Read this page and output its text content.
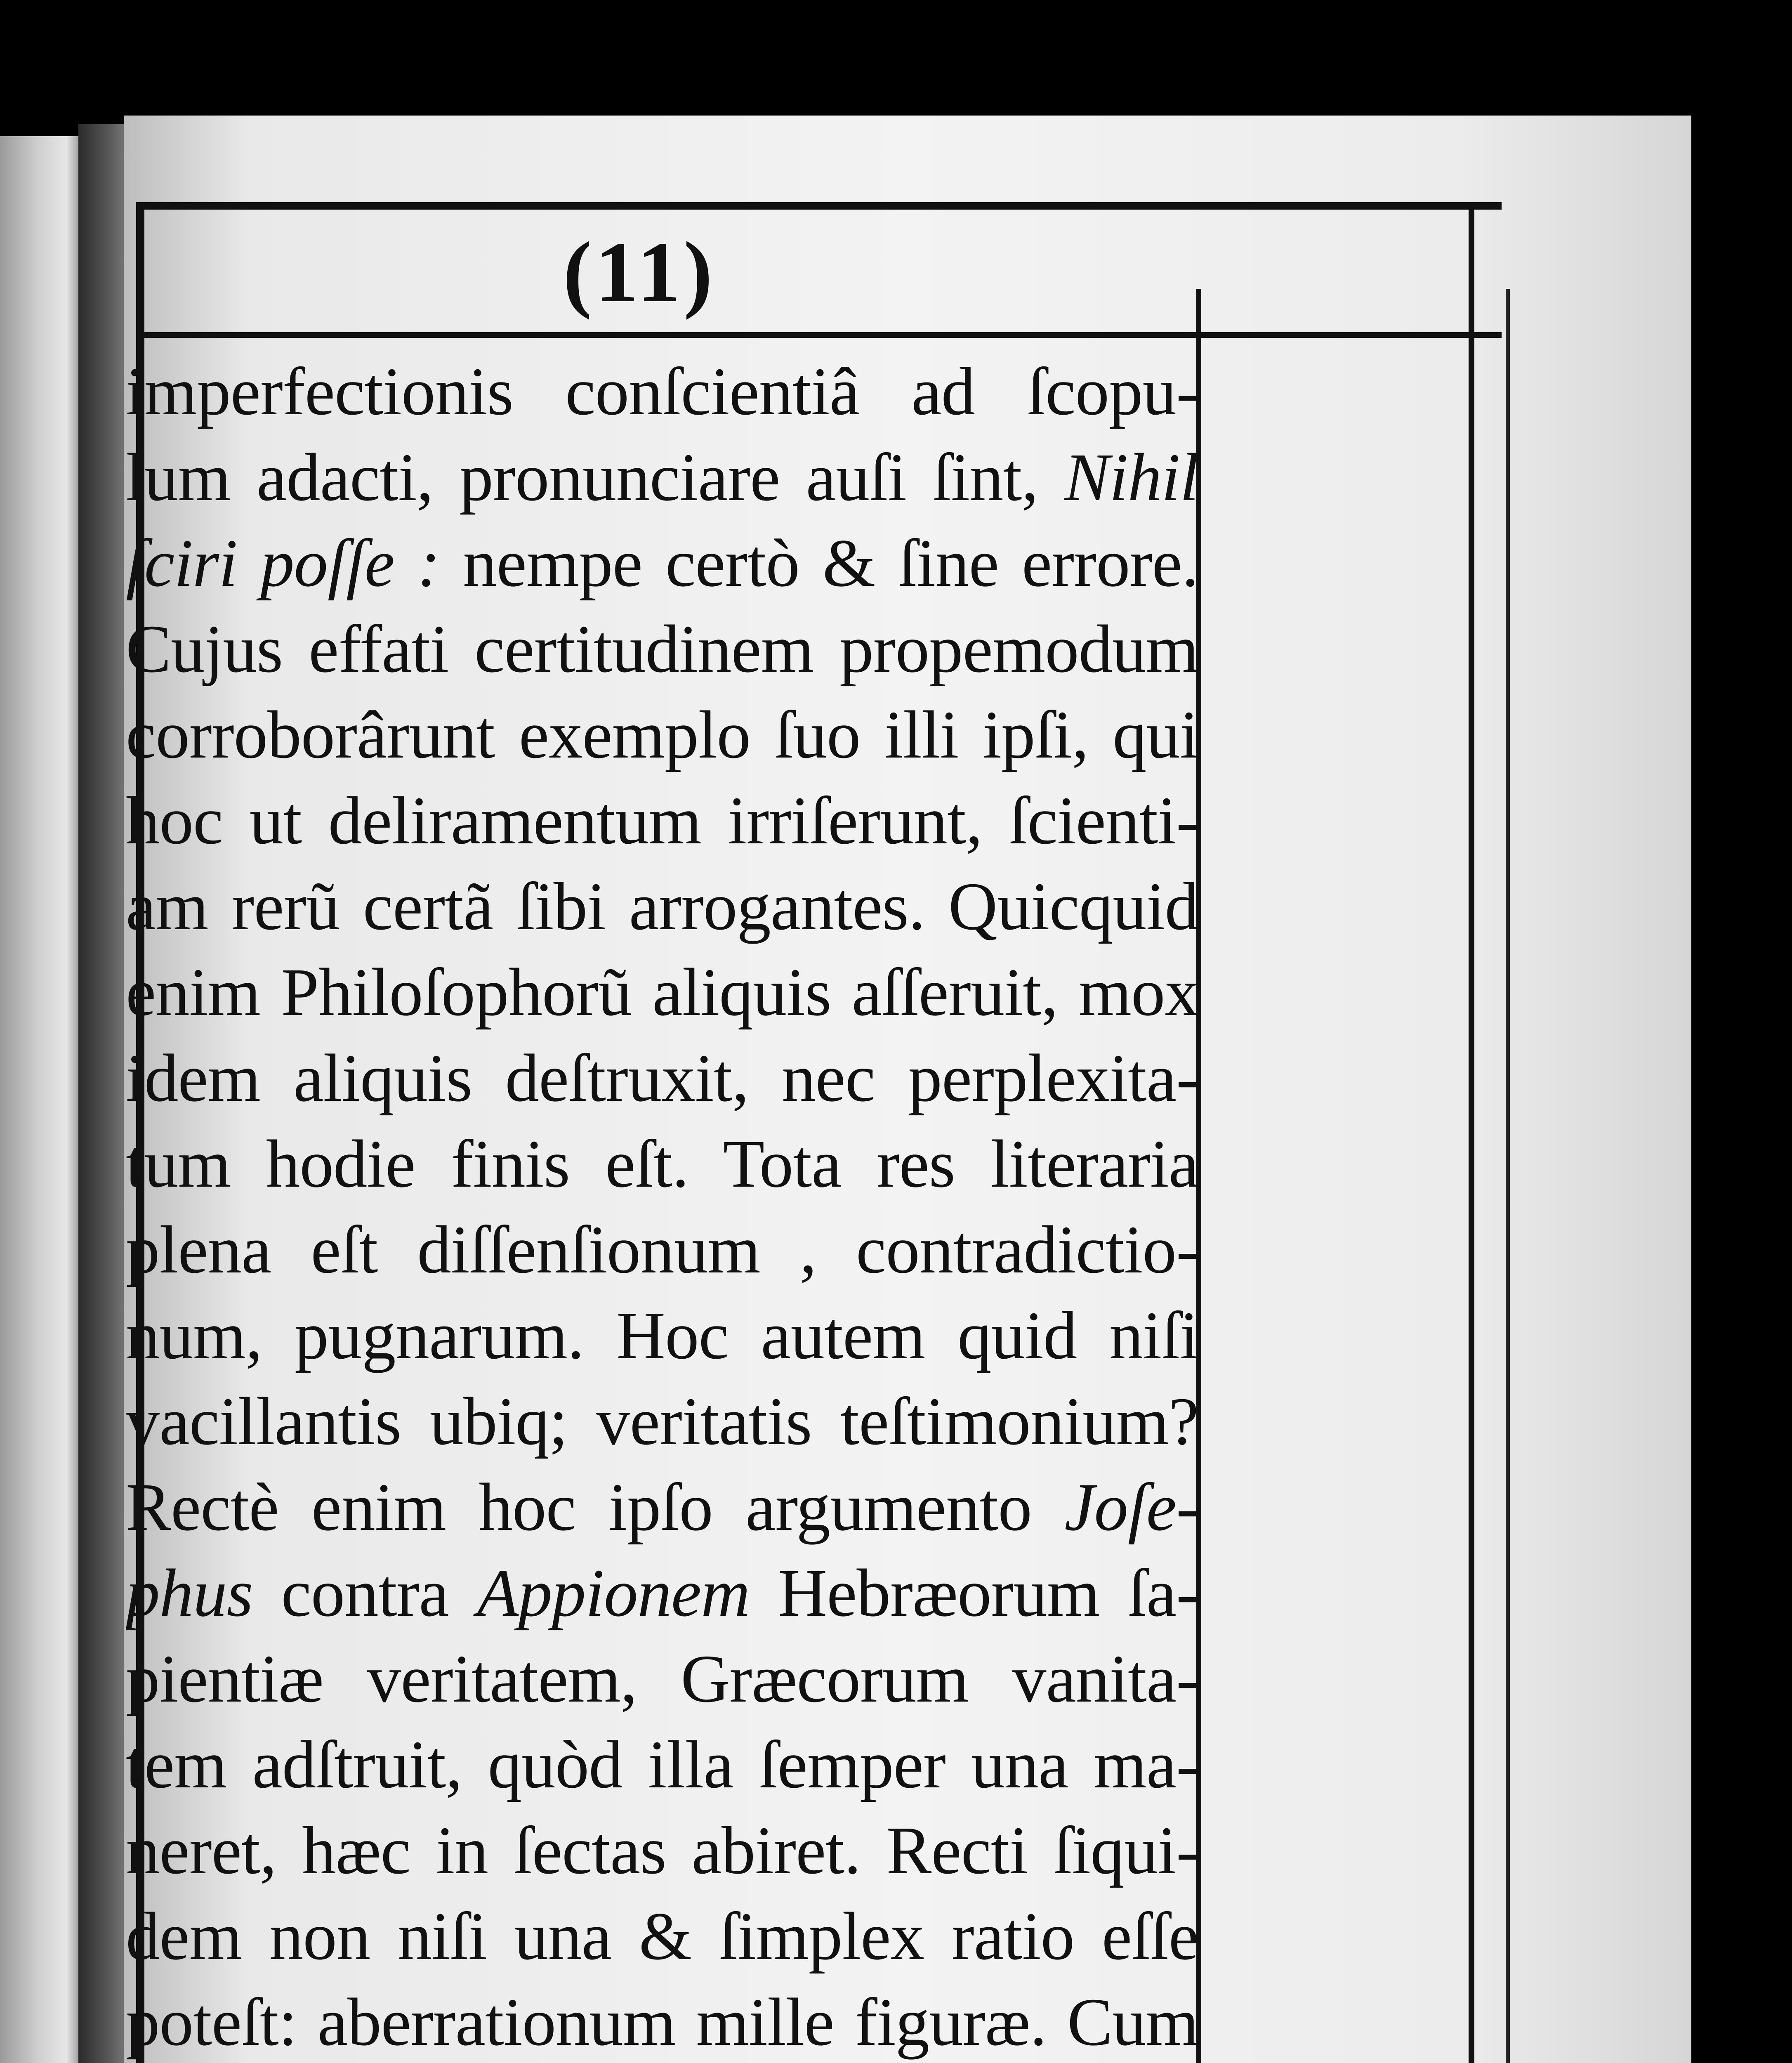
(11)
imperfectionis conſcientiâ ad ſcopu-
lum adacti, pronunciare auſi ſint, Nihil
ſciri poſſe : nempe certò & ſine errore.
Cujus effati certitudinem propemodum
corroborârunt exemplo ſuo illi ipſi, qui
hoc ut deliramentum irriſerunt, ſcienti-
am rerũ certã ſibi arrogantes. Quicquid
enim Philoſophorũ aliquis aſſeruit, mox
idem aliquis deſtruxit, nec perplexita-
tum hodie finis eſt. Tota res literaria
plena eſt diſſenſionum , contradictio-
num, pugnarum. Hoc autem quid niſi
vacillantis ubiq; veritatis teſtimonium?
Rectè enim hoc ipſo argumento Joſe-
phus contra Appionem Hebræorum ſa-
pientiæ veritatem, Græcorum vanita-
tem adſtruit, quòd illa ſemper una ma-
neret, hæc in ſectas abiret. Recti ſiqui-
dem non niſi una & ſimplex ratio eſſe
poteſt: aberrationum mille figuræ. Cum
